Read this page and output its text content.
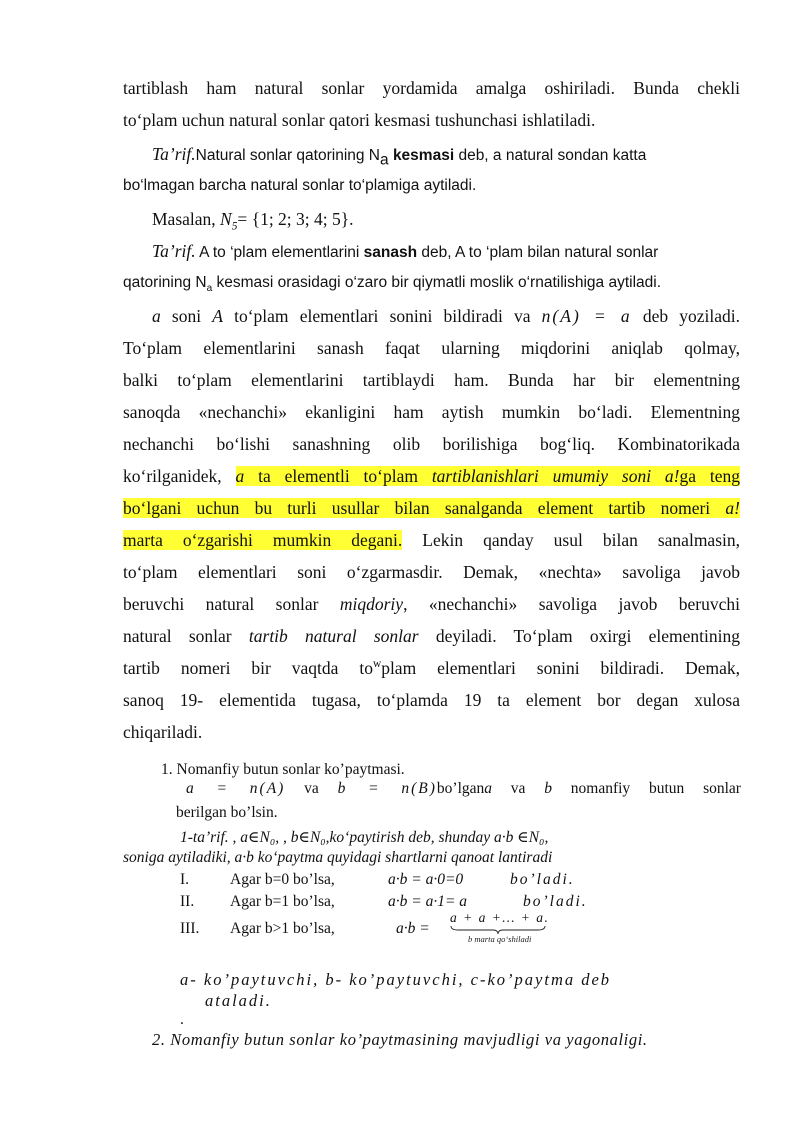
tartiblash ham natural sonlar yordamida amalga oshiriladi. Bunda chekli
to‘plam uchun natural sonlar qatori kesmasi tushunchasi ishlatiladi.
Ta’rif.Natural sonlar qatorining $N_a$ kesmasi deb, a natural sondan katta
bo‘lmagan barcha natural sonlar to‘plamiga aytiladi.
Masalan, $N_5= \{1$; 2; 3; 4; 5}.
Ta’rif. A to ‘plam elementlarini sanash deb, A to ‘plam bilan natural sonlar
qatorining $N_a$ kesmasi orasidagi o‘zaro bir qiymatli moslik o‘rnatilishiga aytiladi.
a soni A to‘plam elementlari sonini bildiradi va n(A) = a deb yoziladi.
To‘plam elementlarini sanash faqat ularning miqdorini aniqlab qolmay,
balki to‘plam elementlarini tartiblaydi ham. Bunda har bir elementning
sanoqda «nechanchi» ekanligini ham aytish mumkin bo‘ladi. Elementning
nechanchi bo‘lishi sanashning olib borilishiga bog‘liq. Kombinatorikada
ko‘rilganidek, a ta elementli to‘plam tartiblanishlari umumiy soni a!ga teng
bo‘lgani uchun bu turli usullar bilan sanalganda element tartib nomeri a!
marta o‘zgarishi mumkin degani. Lekin qanday usul bilan sanalmasin,
to‘plam elementlari soni o‘zgarmasdir. Demak, «nechta» savoliga javob
beruvchi natural sonlar miqdoriy, «nechanchi» savoliga javob beruvchi
natural sonlar tartib natural sonlar deyiladi. To‘plam oxirgi elementining
tartib nomeri bir vaqtda $to^wplam$ elementlari sonini bildiradi. Demak,
sanoq 19- elementida tugasa, to‘plamda 19 ta element bor degan xulosa
chiqariladi.
1. Nomanfiy butun sonlar ko’paytmasi.
a = n(A) va b = n(B)bo’lgana va b nomanfiy butun sonlar
berilgan bo’lsin.
1-ta’rif. , a∈N₀, , b∈N₀,ko‘paytirish deb, shunday a·b ∈N₀,
soniga aytiladiki, a·b ko‘paytma quyidagi shartlarni qanoat lantiradi
I.	Agar b=0 bo’lsa,	a·b = a·0=0	bo’ladi.
II. Agar b=1 bo’lsa,	a·b = a∙1= a	bo’ladi.
III. Agar b>1 bo’lsa,	a·b =
a + a +… + a.
b marta qo‘shiladi
a- ko’paytuvchi, b- ko’paytuvchi, c-ko’paytma deb
ataladi.
.
2. Nomanfiy butun sonlar ko’paytmasining mavjudligi va yagonaligi.
